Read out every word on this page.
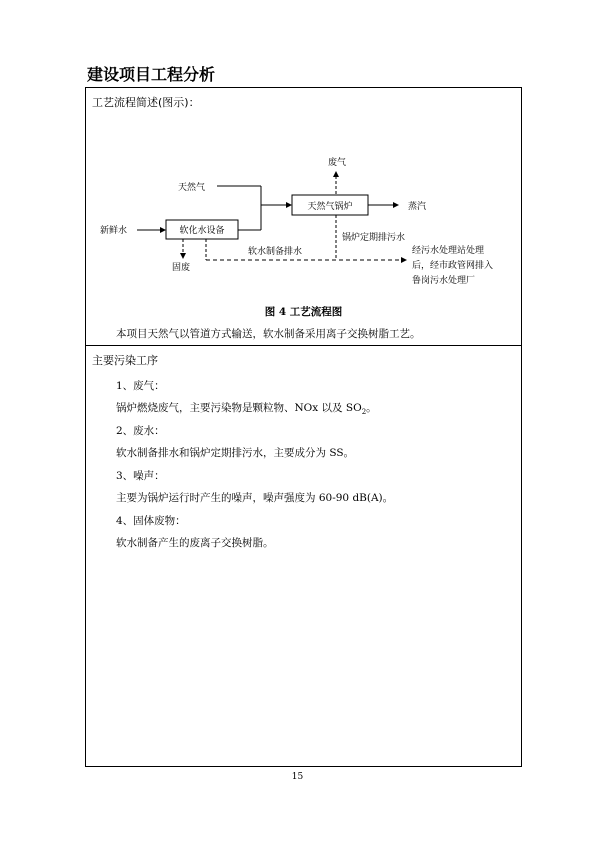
建设项目工程分析
工艺流程简述(图示)：
软化水设备
天然气锅炉
新鲜水
天然气
废气
蒸汽
锅炉定期排污水
固废
软水制备排水	经污水处理站处理
后，经市政管网排入
鲁岗污水处理厂
图 4 工艺流程图
本项目天然气以管道方式输送，软水制备采用离子交换树脂工艺。
主要污染工序
1、废气：
锅炉燃烧废气，主要污染物是颗粒物、NOx 以及 $SO_2$。
2、废水：
软水制备排水和锅炉定期排污水，主要成分为 SS。
3、噪声：
主要为锅炉运行时产生的噪声，噪声强度为 60-90 dB(A)。
4、固体废物：
软水制备产生的废离子交换树脂。
15
